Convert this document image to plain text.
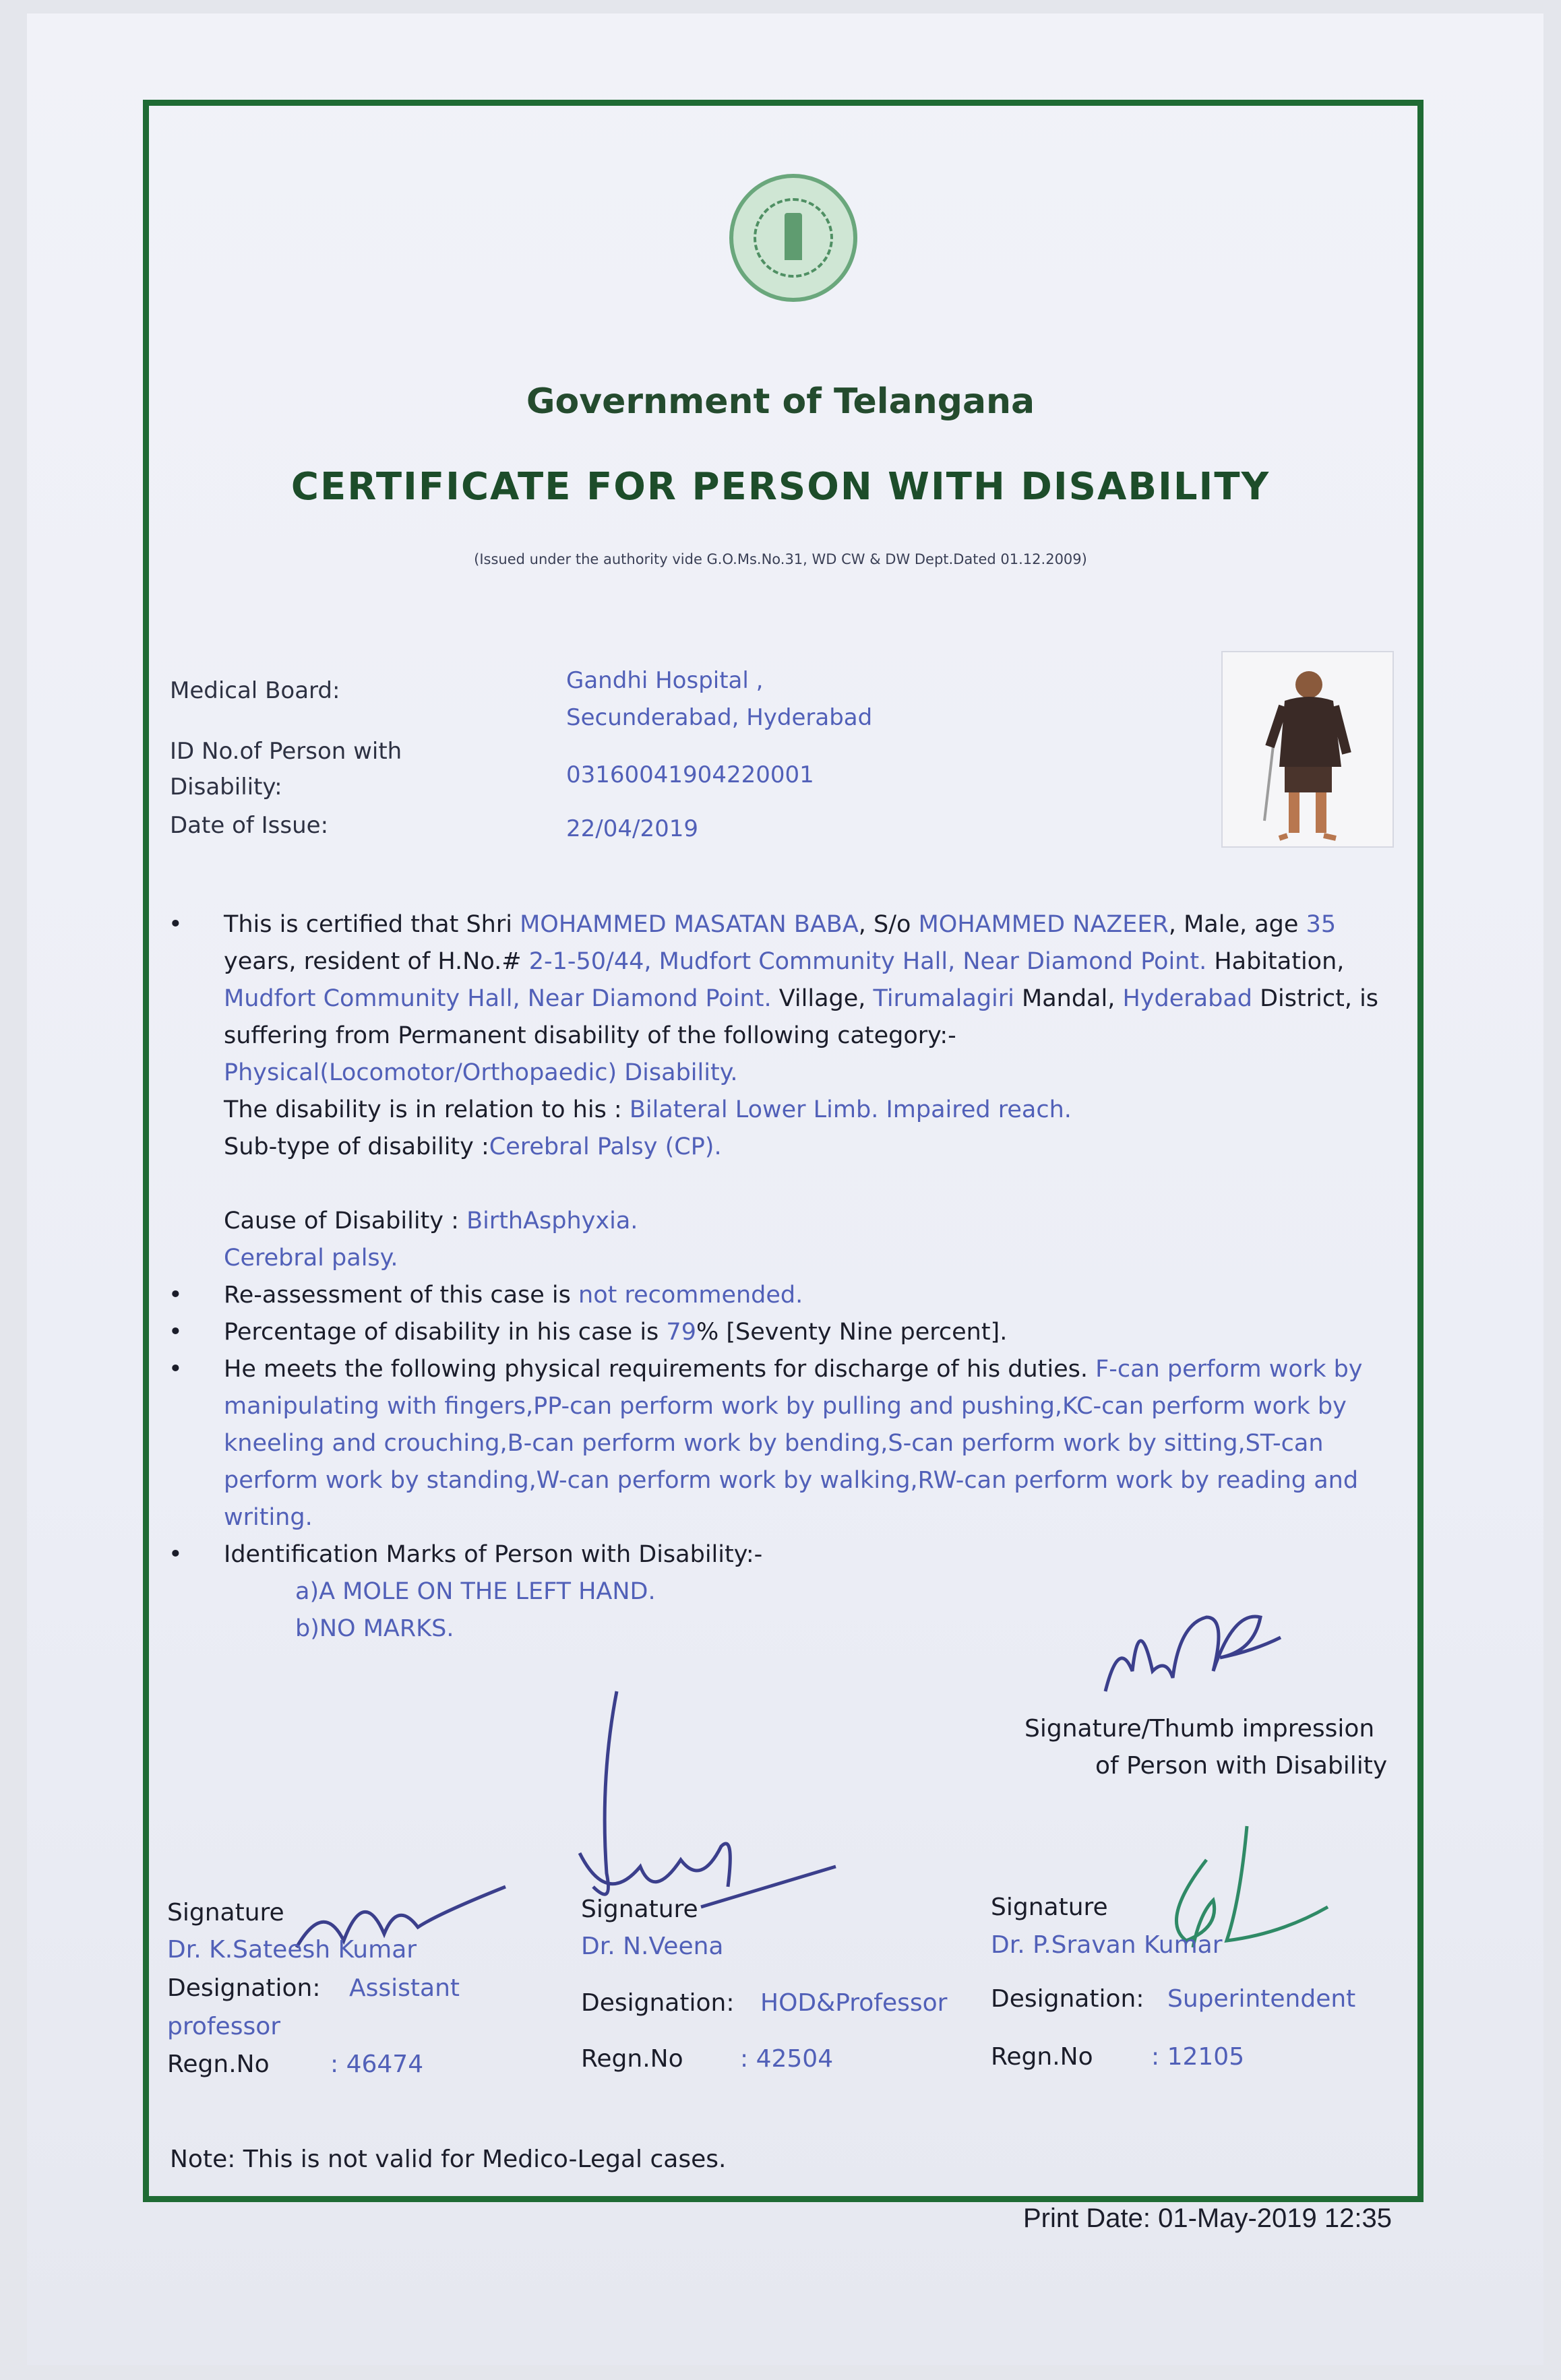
Government of Telangana
CERTIFICATE FOR PERSON WITH DISABILITY
(Issued under the authority vide G.O.Ms.No.31, WD CW & DW Dept.Dated 01.12.2009)
Medical Board:	Gandhi Hospital ,
Secunderabad, Hyderabad
ID No.of Person with
Disability:	03160041904220001
Date of Issue:	22/04/2019
•	This is certified that Shri MOHAMMED MASATAN BABA, S/o MOHAMMED NAZEER, Male, age 35 years, resident of H.No.# 2-1-50/44, Mudfort Community Hall, Near Diamond Point. Habitation, Mudfort Community Hall, Near Diamond Point. Village, Tirumalagiri Mandal, Hyderabad District, is suffering from Permanent disability of the following category:-
Physical(Locomotor/Orthopaedic) Disability.
The disability is in relation to his : Bilateral Lower Limb. Impaired reach.
Sub-type of disability :Cerebral Palsy (CP).
Cause of Disability : BirthAsphyxia.
Cerebral palsy.
•	Re-assessment of this case is not recommended.
•	Percentage of disability in his case is 79% [Seventy Nine percent].
•	He meets the following physical requirements for discharge of his duties. F-can perform work by manipulating with fingers,PP-can perform work by pulling and pushing,KC-can perform work by kneeling and crouching,B-can perform work by bending,S-can perform work by sitting,ST-can perform work by standing,W-can perform work by walking,RW-can perform work by reading and writing.
•	Identification Marks of Person with Disability:-
a)A MOLE ON THE LEFT HAND.
b)NO MARKS.
Signature/Thumb impression
of Person with Disability
Signature
Dr. K.Sateesh Kumar
Designation: Assistant
professor
Regn.No	: 46474
Signature
Dr. N.Veena
Designation: HOD&Professor
Regn.No : 42504
Signature
Dr. P.Sravan Kumar
Designation: Superintendent
Regn.No : 12105
Note: This is not valid for Medico-Legal cases.
Print Date: 01-May-2019 12:35
